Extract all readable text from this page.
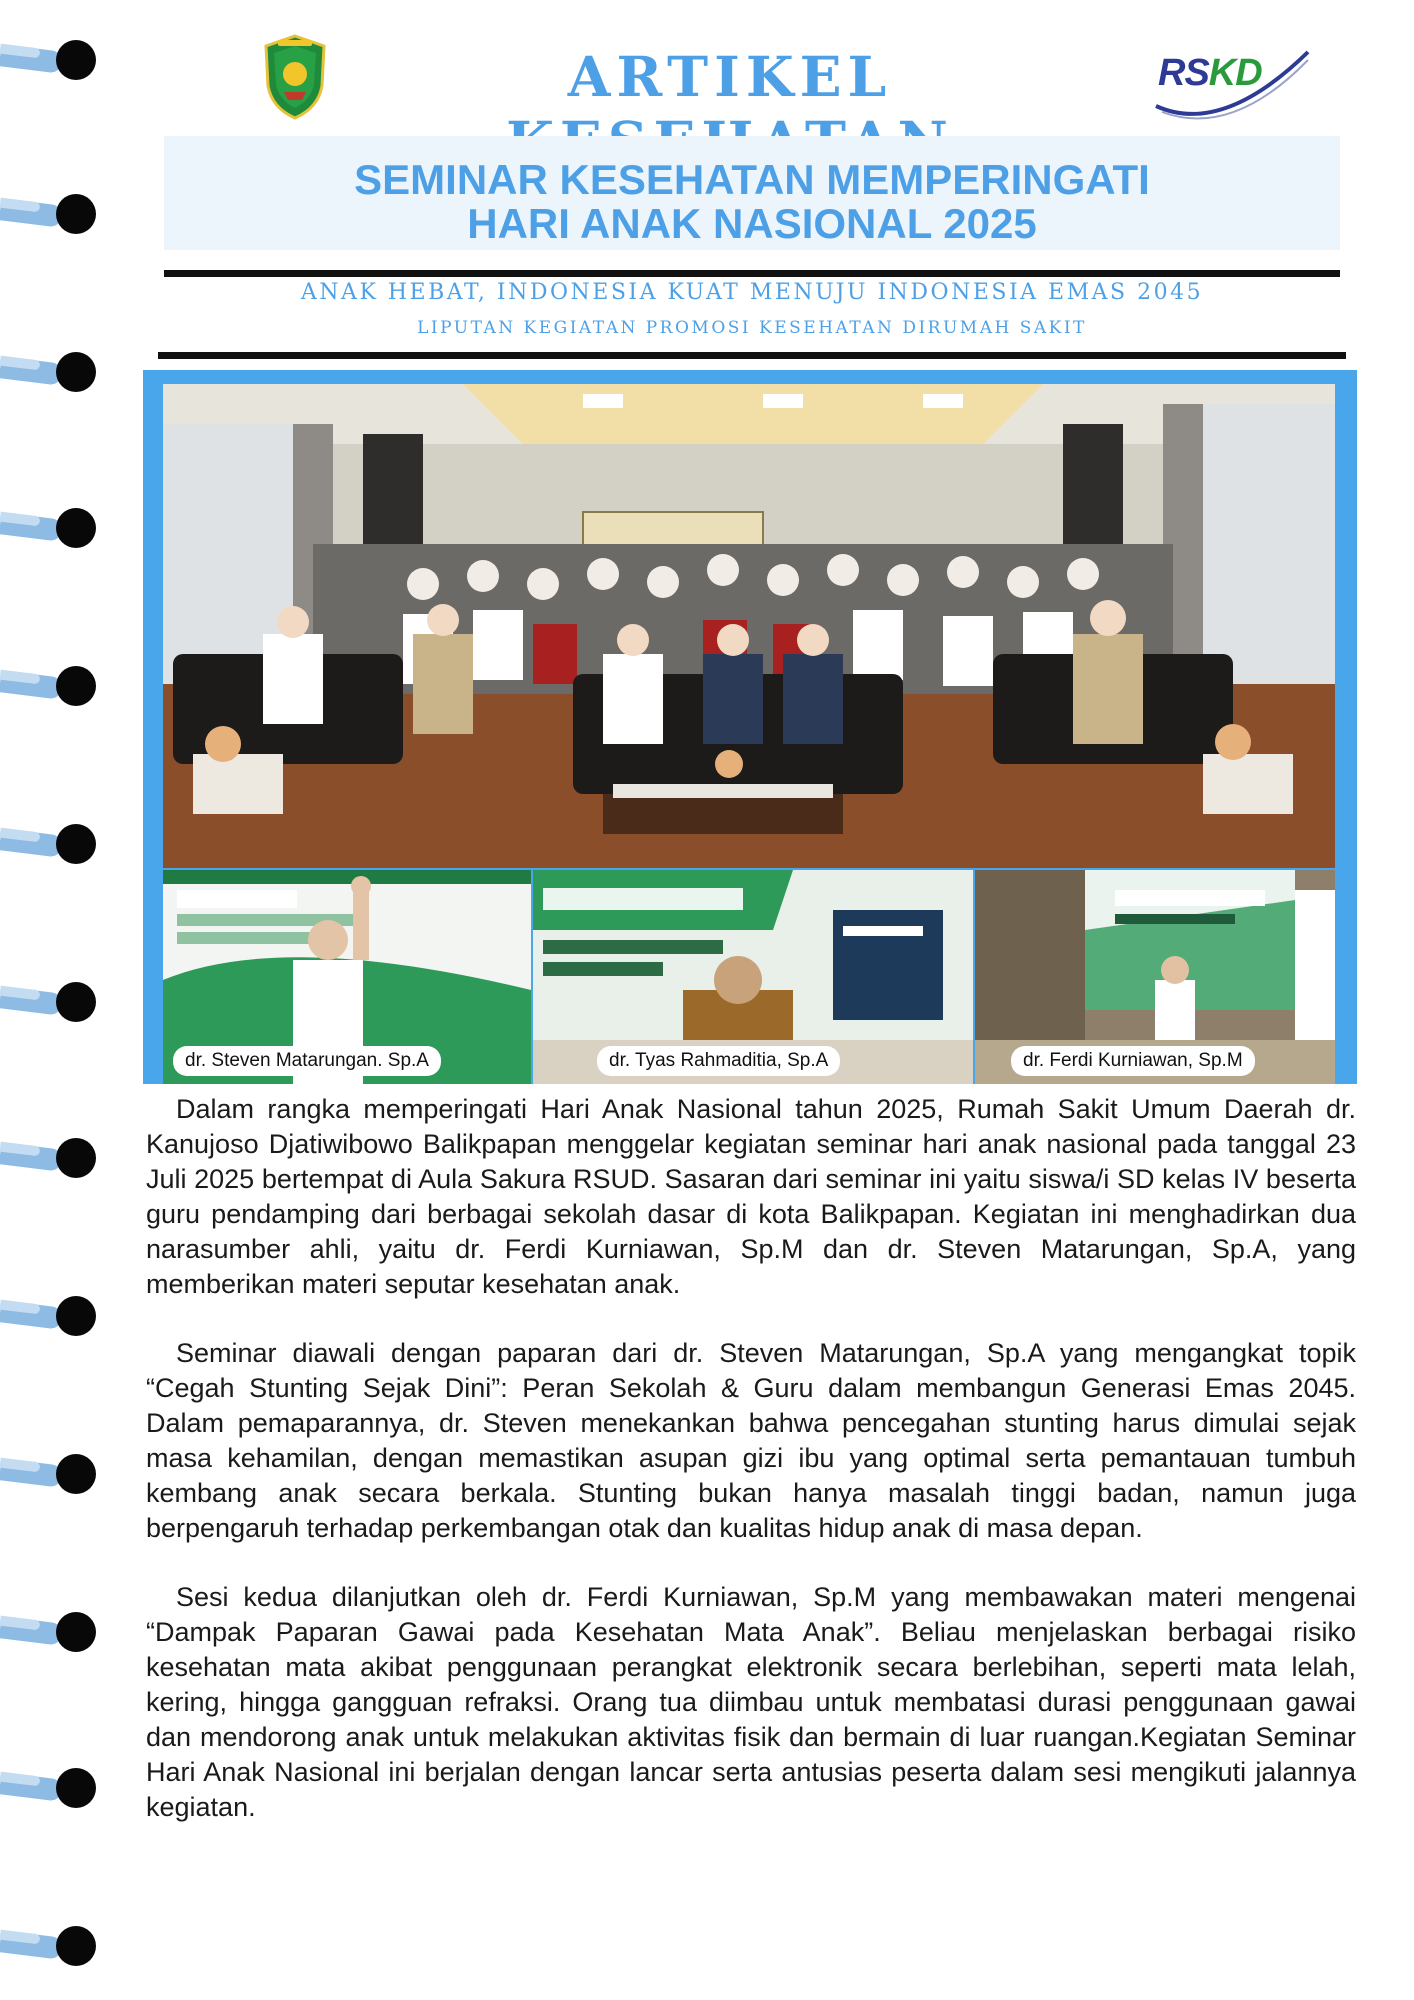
ARTIKEL	RSKD
SEMINAR KESEHATAN MEMPERINGATI
HARI ANAK NASIONAL 2025
ANAK HEBAT, INDONESIA KUAT MENUJU INDONESIA EMAS 2045
LIPUTAN KEGIATAN PROMOSI KESEHATAN DIRUMAH SAKIT
dr. Steven Matarungan. Sp.A	dr. Tyas Rahmaditia, Sp.A	dr. Ferdi Kurniawan, Sp.M

Dalam rangka memperingati Hari Anak Nasional tahun 2025, Rumah Sakit Umum Daerah dr. Kanujoso Djatiwibowo Balikpapan menggelar kegiatan seminar hari anak nasional pada tanggal 23 Juli 2025 bertempat di Aula Sakura RSUD. Sasaran dari seminar ini yaitu siswa/i SD kelas IV beserta guru pendamping dari berbagai sekolah dasar di kota Balikpapan. Kegiatan ini menghadirkan dua narasumber ahli, yaitu dr. Ferdi Kurniawan, Sp.M dan dr. Steven Matarungan, Sp.A, yang memberikan materi seputar kesehatan anak.

Seminar diawali dengan paparan dari dr. Steven Matarungan, Sp.A yang mengangkat topik “Cegah Stunting Sejak Dini”: Peran Sekolah & Guru dalam membangun Generasi Emas 2045. Dalam pemaparannya, dr. Steven menekankan bahwa pencegahan stunting harus dimulai sejak masa kehamilan, dengan memastikan asupan gizi ibu yang optimal serta pemantauan tumbuh kembang anak secara berkala. Stunting bukan hanya masalah tinggi badan, namun juga berpengaruh terhadap perkembangan otak dan kualitas hidup anak di masa depan.

Sesi kedua dilanjutkan oleh dr. Ferdi Kurniawan, Sp.M yang membawakan materi mengenai “Dampak Paparan Gawai pada Kesehatan Mata Anak”. Beliau menjelaskan berbagai risiko kesehatan mata akibat penggunaan perangkat elektronik secara berlebihan, seperti mata lelah, kering, hingga gangguan refraksi. Orang tua diimbau untuk membatasi durasi penggunaan gawai dan mendorong anak untuk melakukan aktivitas fisik dan bermain di luar ruangan.Kegiatan Seminar Hari Anak Nasional ini berjalan dengan lancar serta antusias peserta dalam sesi mengikuti jalannya kegiatan.
